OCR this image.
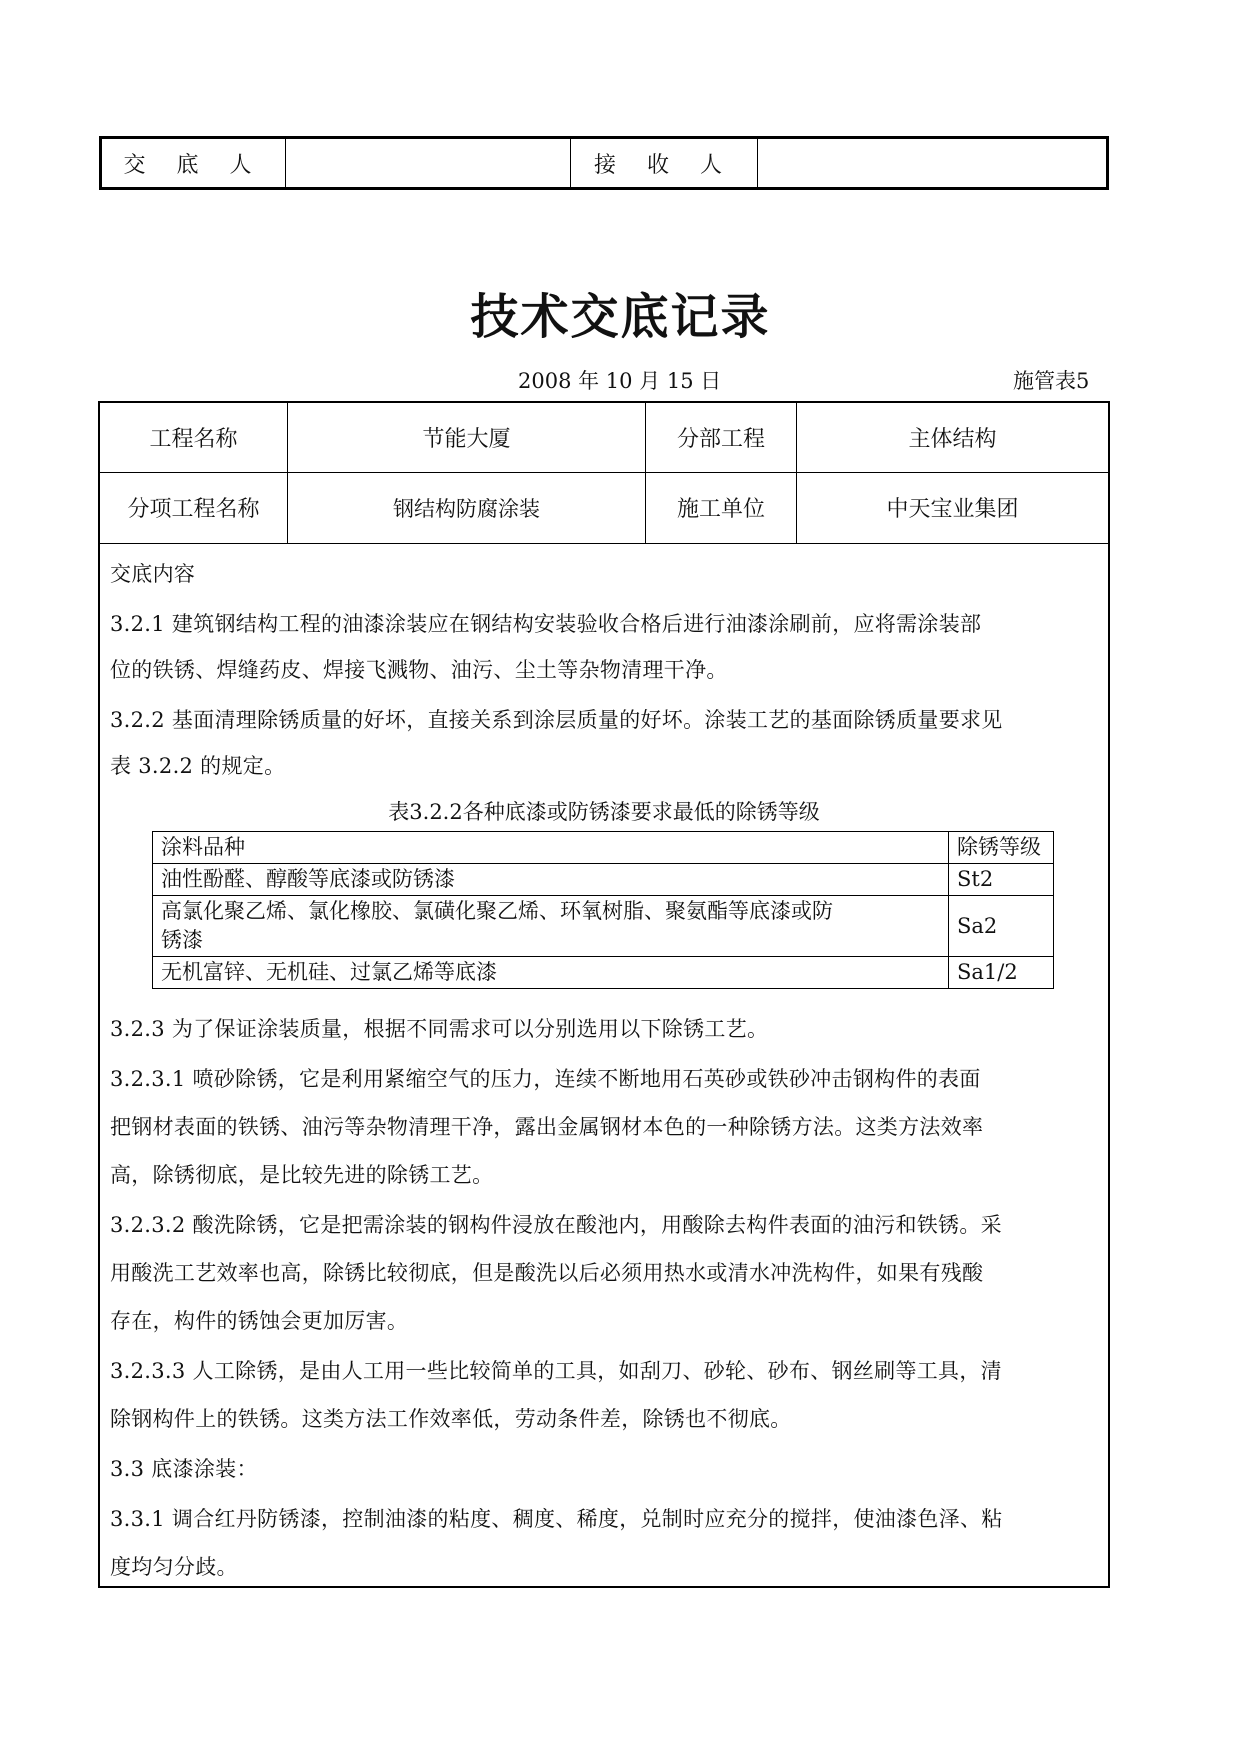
交 底 人		接 收 人	
技术交底记录
2008 年 10 月 15 日	施管表5
工程名称	节能大厦	分部工程	主体结构
分项工程名称	钢结构防腐涂装	施工单位	中天宝业集团
交底内容
3.2.1 建筑钢结构工程的油漆涂装应在钢结构安装验收合格后进行油漆涂刷前，应将需涂装部
位的铁锈、焊缝药皮、焊接飞溅物、油污、尘土等杂物清理干净。
3.2.2 基面清理除锈质量的好坏，直接关系到涂层质量的好坏。涂装工艺的基面除锈质量要求见
表 3.2.2 的规定。
表3.2.2各种底漆或防锈漆要求最低的除锈等级
涂料品种	除锈等级
油性酚醛、醇酸等底漆或防锈漆	St2

高氯化聚乙烯、氯化橡胶、氯磺化聚乙烯、环氧树脂、聚氨酯等底漆或防
锈漆	Sa2
无机富锌、无机硅、过氯乙烯等底漆	Sa1/2
3.2.3 为了保证涂装质量，根据不同需求可以分别选用以下除锈工艺。
3.2.3.1 喷砂除锈，它是利用紧缩空气的压力，连续不断地用石英砂或铁砂冲击钢构件的表面
把钢材表面的铁锈、油污等杂物清理干净，露出金属钢材本色的一种除锈方法。这类方法效率
高，除锈彻底，是比较先进的除锈工艺。
3.2.3.2 酸洗除锈，它是把需涂装的钢构件浸放在酸池内，用酸除去构件表面的油污和铁锈。采
用酸洗工艺效率也高，除锈比较彻底，但是酸洗以后必须用热水或清水冲洗构件，如果有残酸
存在，构件的锈蚀会更加厉害。
3.2.3.3 人工除锈，是由人工用一些比较简单的工具，如刮刀、砂轮、砂布、钢丝刷等工具，清
除钢构件上的铁锈。这类方法工作效率低，劳动条件差，除锈也不彻底。
3.3 底漆涂装：
3.3.1 调合红丹防锈漆，控制油漆的粘度、稠度、稀度，兑制时应充分的搅拌，使油漆色泽、粘
度均匀分歧。
